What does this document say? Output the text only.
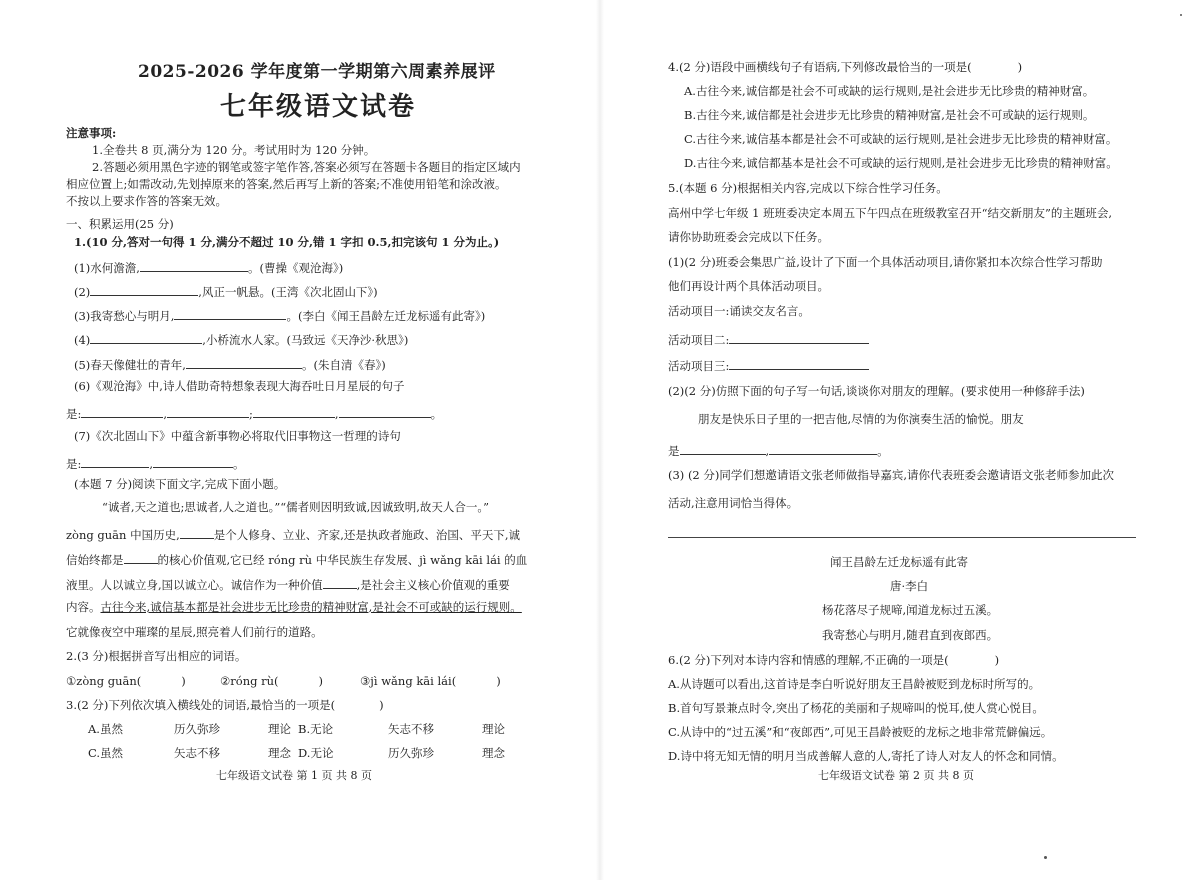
2025-2026 学年度第一学期第六周素养展评
七年级语文试卷
注意事项:
1.全卷共 8 页,满分为 120 分。考试用时为 120 分钟。
2.答题必须用黑色字迹的钢笔或签字笔作答,答案必须写在答题卡各题目的指定区域内
相应位置上;如需改动,先划掉原来的答案,然后再写上新的答案;不准使用铅笔和涂改液。
不按以上要求作答的答案无效。
一、积累运用(25 分)
1.(10 分,答对一句得 1 分,满分不超过 10 分,错 1 字扣 0.5,扣完该句 1 分为止。)
(1)水何澹澹,	。(曹操《观沧海》)
(2)	,风正一帆悬。(王湾《次北固山下》)
(3)我寄愁心与明月,	。(李白《闻王昌龄左迁龙标遥有此寄》)
(4)	,小桥流水人家。(马致远《天净沙·秋思》)
(5)春天像健壮的青年,	。(朱自清《春》)
(6)《观沧海》中,诗人借助奇特想象表现大海吞吐日月星辰的句子
是:	,	;	,	。
(7)《次北固山下》中蕴含新事物必将取代旧事物这一哲理的诗句
是:	,	。
(本题 7 分)阅读下面文字,完成下面小题。
“诚者,天之道也;思诚者,人之道也。”“儒者则因明致诚,因诚致明,故天人合一。”
zòng guān 中国历史,	是个人修身、立业、齐家,还是执政者施政、治国、平天下,诚
信始终都是	的核心价值观,它已经 róng rù 中华民族生存发展、jì wǎng kāi lái 的血
液里。人以诚立身,国以诚立心。诚信作为一种价值	,是社会主义核心价值观的重要
内容。古往今来,诚信基本都是社会进步无比珍贵的精神财富,是社会不可或缺的运行规则。
它就像夜空中璀璨的星辰,照亮着人们前行的道路。
2.(3 分)根据拼音写出相应的词语。
①zòng guān(	)	②róng rù(	)	③jì wǎng kāi lái(	)
3.(2 分)下列依次填入横线处的词语,最恰当的一项是(	)
A.虽然	历久弥珍	理论 B.无论	矢志不移	理论
C.虽然	矢志不移	理念 D.无论	历久弥珍	理念
七年级语文试卷 第 1 页 共 8 页
4.(2 分)语段中画横线句子有语病,下列修改最恰当的一项是(	)
A.古往今来,诚信都是社会不可或缺的运行规则,是社会进步无比珍贵的精神财富。
B.古往今来,诚信都是社会进步无比珍贵的精神财富,是社会不可或缺的运行规则。
C.古往今来,诚信基本都是社会不可或缺的运行规则,是社会进步无比珍贵的精神财富。
D.古往今来,诚信都基本是社会不可或缺的运行规则,是社会进步无比珍贵的精神财富。
5.(本题 6 分)根据相关内容,完成以下综合性学习任务。
高州中学七年级 1 班班委决定本周五下午四点在班级教室召开“结交新朋友”的主题班会,
请你协助班委会完成以下任务。
(1)(2 分)班委会集思广益,设计了下面一个具体活动项目,请你紧扣本次综合性学习帮助
他们再设计两个具体活动项目。
活动项目一:诵读交友名言。
活动项目二:
活动项目三:
(2)(2 分)仿照下面的句子写一句话,谈谈你对朋友的理解。(要求使用一种修辞手法)
朋友是快乐日子里的一把吉他,尽情的为你演奏生活的愉悦。朋友
是	,	。
(3) (2 分)同学们想邀请语文张老师做指导嘉宾,请你代表班委会邀请语文张老师参加此次
活动,注意用词恰当得体。
闻王昌龄左迁龙标遥有此寄
唐·李白
杨花落尽子规啼,闻道龙标过五溪。
我寄愁心与明月,随君直到夜郎西。
6.(2 分)下列对本诗内容和情感的理解,不正确的一项是(	)
A.从诗题可以看出,这首诗是李白听说好朋友王昌龄被贬到龙标时所写的。
B.首句写景兼点时令,突出了杨花的美丽和子规啼叫的悦耳,使人赏心悦目。
C.从诗中的“过五溪”和“夜郎西”,可见王昌龄被贬的龙标之地非常荒僻偏远。
D.诗中将无知无情的明月当成善解人意的人,寄托了诗人对友人的怀念和同情。
七年级语文试卷 第 2 页 共 8 页
